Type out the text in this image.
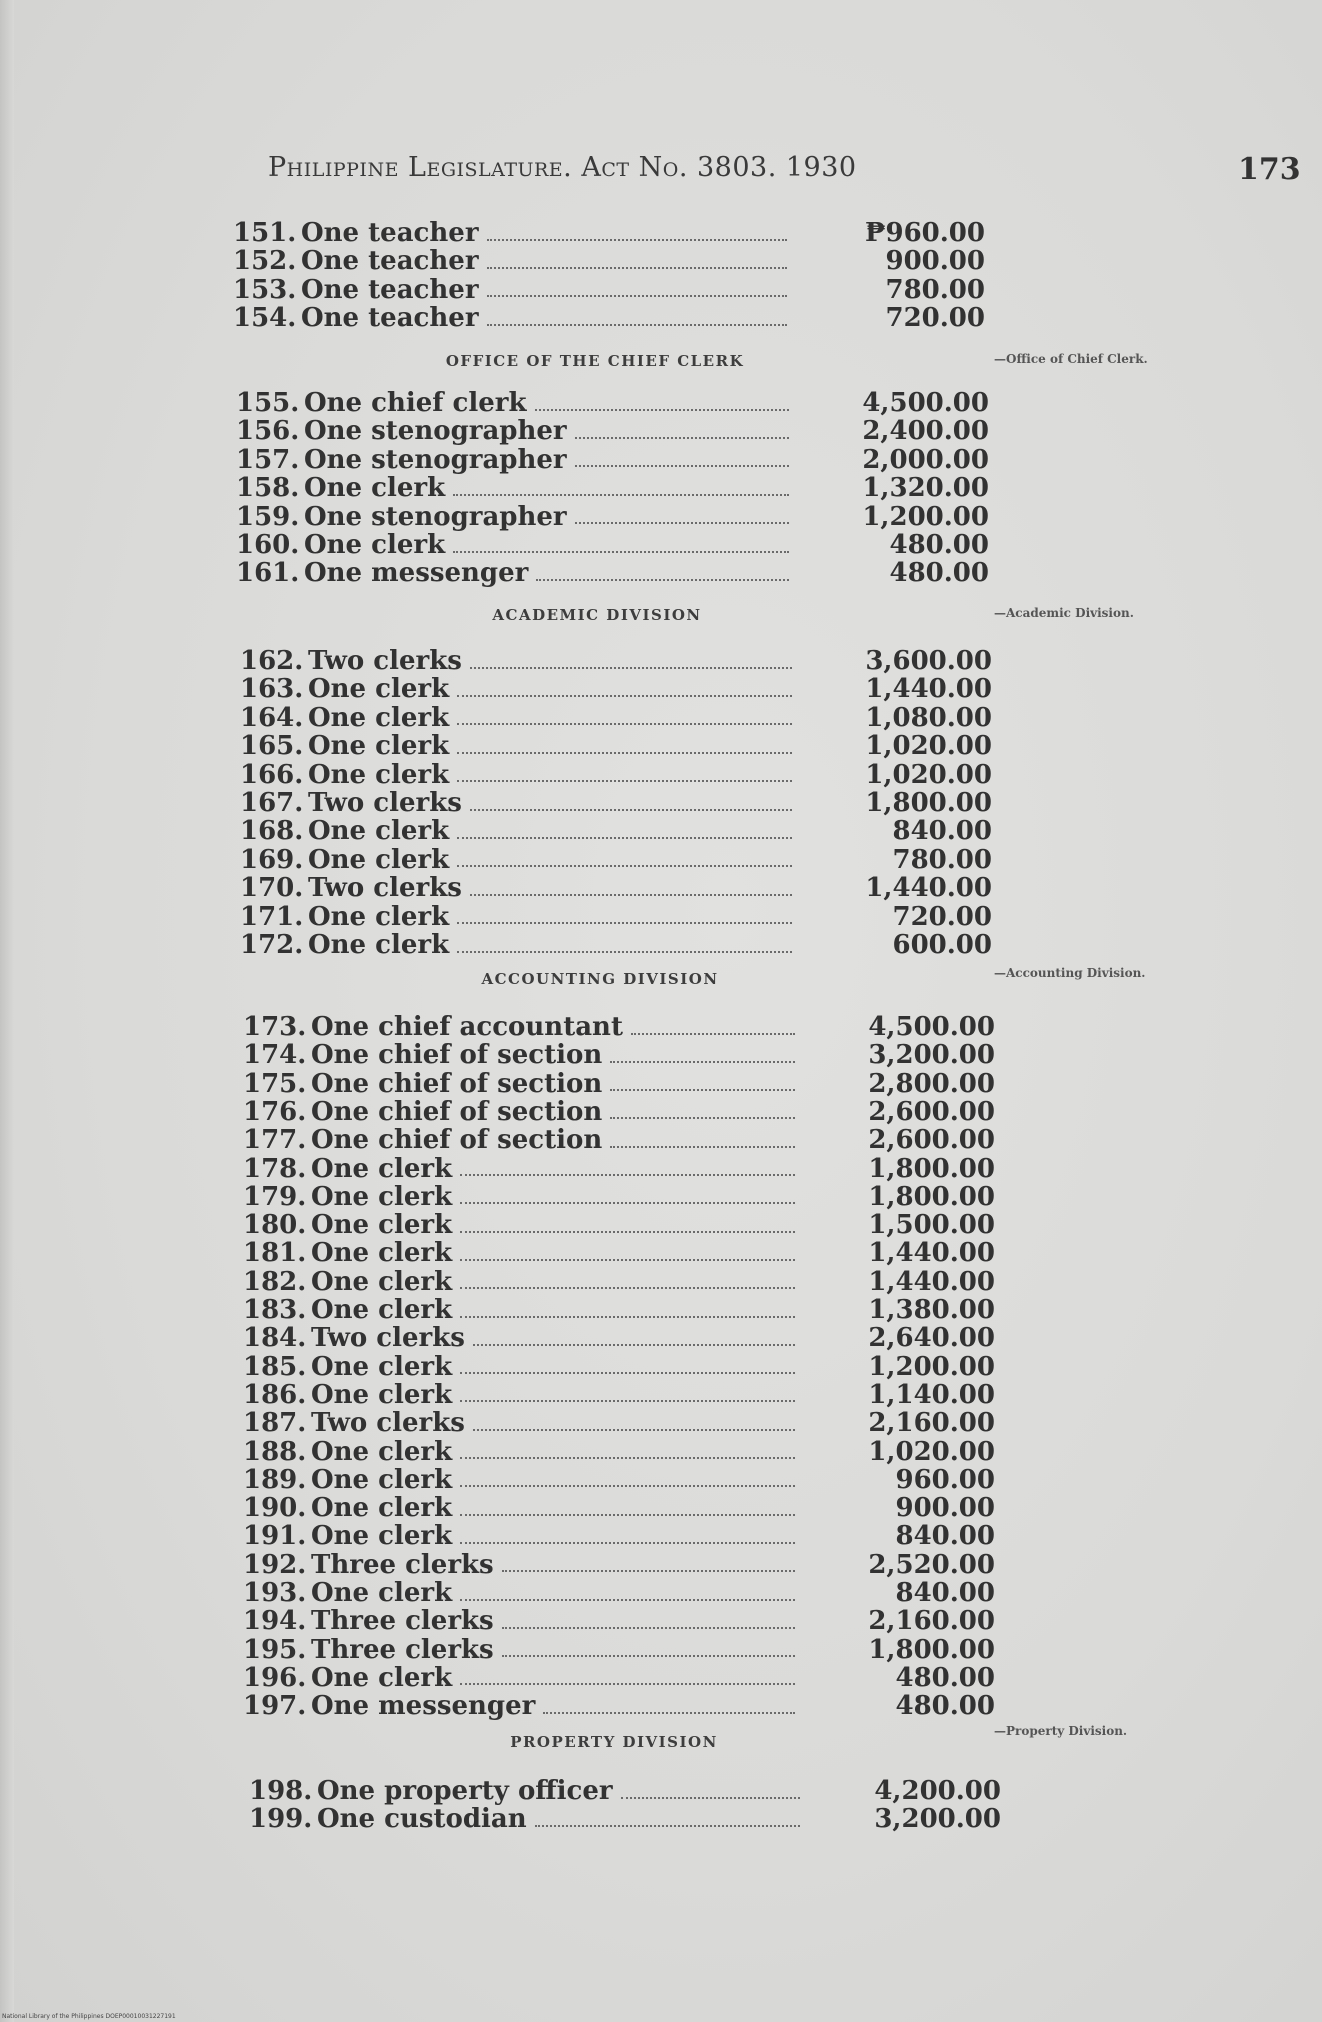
Philippine Legislature. Act No. 3803. 1930	173
151. One teacher	₱960.00
152. One teacher	900.00
153. One teacher	780.00
154. One teacher	720.00
OFFICE OF THE CHIEF CLERK	—Office of Chief Clerk.
155. One chief clerk	4,500.00
156. One stenographer	2,400.00
157. One stenographer	2,000.00
158. One clerk	1,320.00
159. One stenographer	1,200.00
160. One clerk	480.00
161. One messenger	480.00
ACADEMIC DIVISION	—Academic Division.
162. Two clerks	3,600.00
163. One clerk	1,440.00
164. One clerk	1,080.00
165. One clerk	1,020.00
166. One clerk	1,020.00
167. Two clerks	1,800.00
168. One clerk	840.00
169. One clerk	780.00
170. Two clerks	1,440.00
171. One clerk	720.00
172. One clerk	600.00
ACCOUNTING DIVISION	—Accounting Division.
173. One chief accountant	4,500.00
174. One chief of section	3,200.00
175. One chief of section	2,800.00
176. One chief of section	2,600.00
177. One chief of section	2,600.00
178. One clerk	1,800.00
179. One clerk	1,800.00
180. One clerk	1,500.00
181. One clerk	1,440.00
182. One clerk	1,440.00
183. One clerk	1,380.00
184. Two clerks	2,640.00
185. One clerk	1,200.00
186. One clerk	1,140.00
187. Two clerks	2,160.00
188. One clerk	1,020.00
189. One clerk	960.00
190. One clerk	900.00
191. One clerk	840.00
192. Three clerks	2,520.00
193. One clerk	840.00
194. Three clerks	2,160.00
195. Three clerks	1,800.00
196. One clerk	480.00
197. One messenger	480.00
PROPERTY DIVISION
—Property Division.
198. One property officer	4,200.00
199. One custodian	3,200.00
National Library of the Philippines DOEP00010031227191
